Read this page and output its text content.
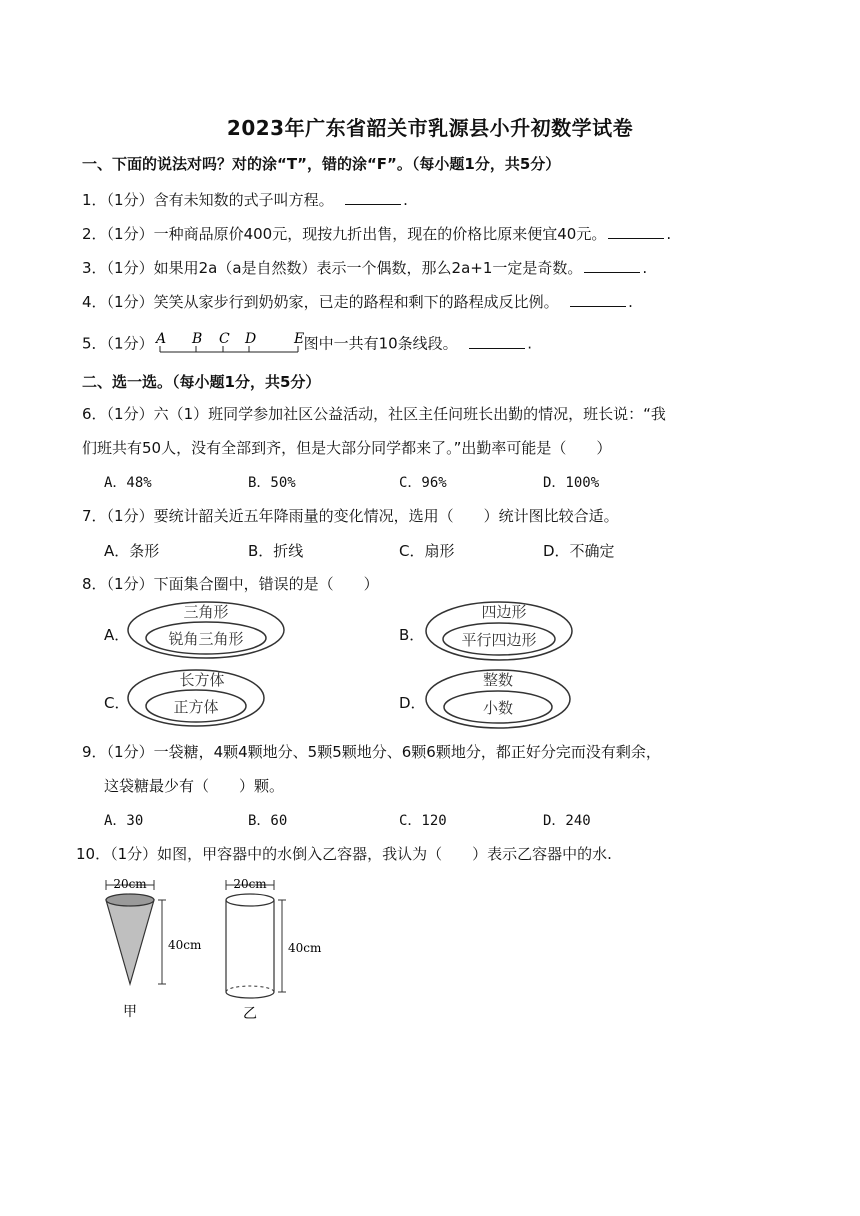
2023年广东省韶关市乳源县小升初数学试卷
一、下面的说法对吗？对的涂“T”，错的涂“F”。（每小题1分，共5分）
1．（1分）含有未知数的式子叫方程。	.
2．（1分）一种商品原价400元，现按九折出售，现在的价格比原来便宜40元。	.
3．（1分）如果用2a（a是自然数）表示一个偶数，那么2a+1一定是奇数。	.
4．（1分）笑笑从家步行到奶奶家，已走的路程和剩下的路程成反比例。	.
5．（1分） A B C D	E 图中一共有10条线段。	.
二、选一选。（每小题1分，共5分）
6．（1分）六（1）班同学参加社区公益活动，社区主任问班长出勤的情况，班长说：“我
们班共有50人，没有全部到齐，但是大部分同学都来了。”出勤率可能是（　　）
A．48%	B．50%	C．96%	D．100%
7．（1分）要统计韶关近五年降雨量的变化情况，选用（　　）统计图比较合适。
A．条形	B．折线	C．扇形	D．不确定
8．（1分）下面集合圈中，错误的是（　　）
A．
三角形
锐角三角形	B．
四边形
平行四边形
C．
长方体
正方体	D．
整数
小数
9．（1分）一袋糖，4颗4颗地分、5颗5颗地分、6颗6颗地分，都正好分完而没有剩余，
这袋糖最少有（　　）颗。
A．30	B．60	C．120	D．240
10．（1分）如图，甲容器中的水倒入乙容器，我认为（　　）表示乙容器中的水.
20cm
40cm
甲
20cm
40cm
乙
